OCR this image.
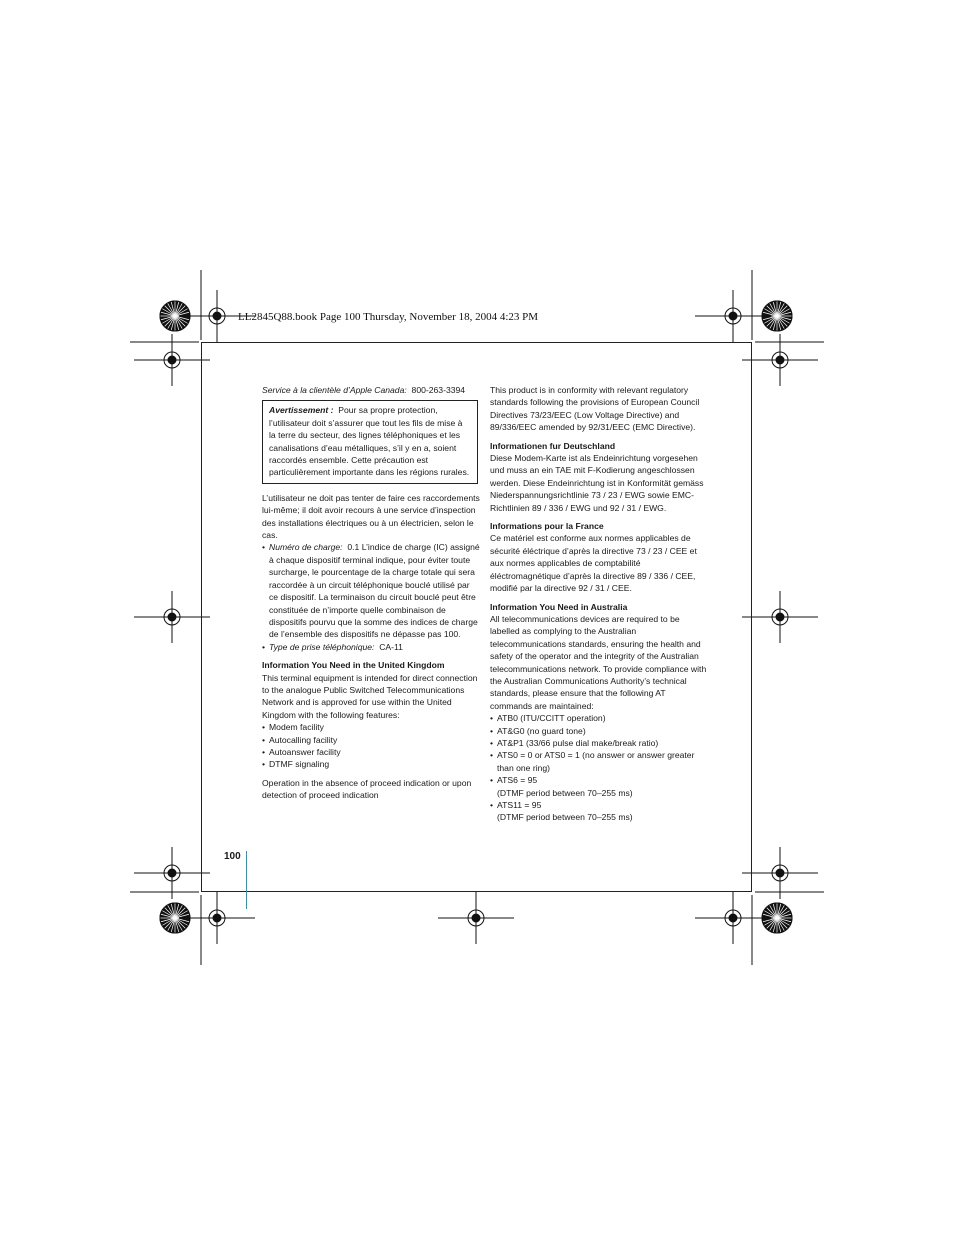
LL2845Q88.book Page 100 Thursday, November 18, 2004 4:23 PM

Service à la clientèle d’Apple Canada: 800-263-3394

Avertissement : Pour sa propre protection, l’utilisateur doit s’assurer que tout les fils de mise à la terre du secteur, des lignes téléphoniques et les canalisations d’eau métalliques, s’il y en a, soient raccordés ensemble. Cette précaution est particulièrement importante dans les régions rurales.

L’utilisateur ne doit pas tenter de faire ces raccordements lui-même; il doit avoir recours à une service d’inspection des installations électriques ou à un électricien, selon le cas.

• Numéro de charge: 0.1 L’indice de charge (IC) assigné à chaque dispositif terminal indique, pour éviter toute surcharge, le pourcentage de la charge totale qui sera raccordée à un circuit téléphonique bouclé utilisé par ce dispositif. La terminaison du circuit bouclé peut être constituée de n’importe quelle combinaison de dispositifs pourvu que la somme des indices de charge de l’ensemble des dispositifs ne dépasse pas 100.
• Type de prise téléphonique: CA-11

Information You Need in the United Kingdom

This terminal equipment is intended for direct connection to the analogue Public Switched Telecommunications Network and is approved for use within the United Kingdom with the following features:

• Modem facility
• Autocalling facility
• Autoanswer facility
• DTMF signaling

Operation in the absence of proceed indication or upon detection of proceed indication

This product is in conformity with relevant regulatory standards following the provisions of European Council Directives 73/23/EEC (Low Voltage Directive) and 89/336/EEC amended by 92/31/EEC (EMC Directive).

Informationen fur Deutschland

Diese Modem-Karte ist als Endeinrichtung vorgesehen und muss an ein TAE mit F-Kodierung angeschlossen werden. Diese Endeinrichtung ist in Konformität gemäss Niederspannungsrichtlinie 73 / 23 / EWG sowie EMC-Richtlinien 89 / 336 / EWG und 92 / 31 / EWG.

Informations pour la France

Ce matériel est conforme aux normes applicables de sécurité éléctrique d’après la directive 73 / 23 / CEE et aux normes applicables de comptabilité éléctromagnétique d’après la directive 89 / 336 / CEE, modifié par la directive 92 / 31 / CEE.

Information You Need in Australia

All telecommunications devices are required to be labelled as complying to the Australian telecommunications standards, ensuring the health and safety of the operator and the integrity of the Australian telecommunications network. To provide compliance with the Australian Communications Authority’s technical standards, please ensure that the following AT commands are maintained:

• ATB0 (ITU/CCITT operation)
• AT&G0 (no guard tone)
• AT&P1 (33/66 pulse dial make/break ratio)
• ATS0 = 0 or ATS0 = 1 (no answer or answer greater than one ring)
• ATS6 = 95
(DTMF period between 70–255 ms)
• ATS11 = 95
(DTMF period between 70–255 ms)
100
